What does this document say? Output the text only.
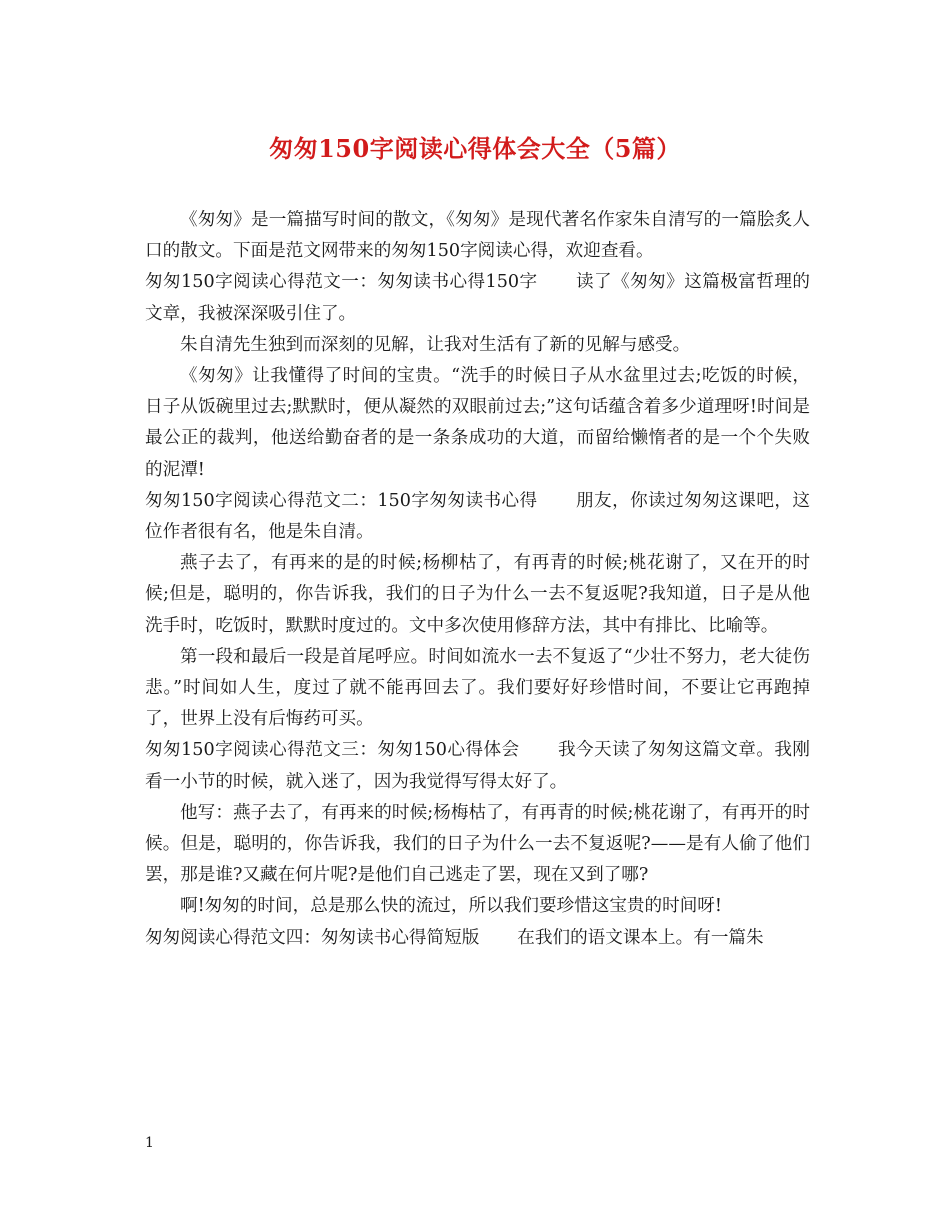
匆匆150字阅读心得体会大全（5篇）

《匆匆》是一篇描写时间的散文，《匆匆》是现代著名作家朱自清写的一篇脍炙人口的散文。下面是范文网带来的匆匆150字阅读心得，欢迎查看。

匆匆150字阅读心得范文一：匆匆读书心得150字 读了《匆匆》这篇极富哲理的文章，我被深深吸引住了。

朱自清先生独到而深刻的见解，让我对生活有了新的见解与感受。

《匆匆》让我懂得了时间的宝贵。“洗手的时候日子从水盆里过去;吃饭的时候，日子从饭碗里过去;默默时，便从凝然的双眼前过去;”这句话蕴含着多少道理呀!时间是最公正的裁判，他送给勤奋者的是一条条成功的大道，而留给懒惰者的是一个个失败的泥潭!

匆匆150字阅读心得范文二：150字匆匆读书心得 朋友，你读过匆匆这课吧，这位作者很有名，他是朱自清。

燕子去了，有再来的是的时候;杨柳枯了，有再青的时候;桃花谢了，又在开的时候;但是，聪明的，你告诉我，我们的日子为什么一去不复返呢?我知道，日子是从他洗手时，吃饭时，默默时度过的。文中多次使用修辞方法，其中有排比、比喻等。

第一段和最后一段是首尾呼应。时间如流水一去不复返了“少壮不努力，老大徒伤悲。”时间如人生，度过了就不能再回去了。我们要好好珍惜时间，不要让它再跑掉了，世界上没有后悔药可买。

匆匆150字阅读心得范文三：匆匆150心得体会 我今天读了匆匆这篇文章。我刚看一小节的时候，就入迷了，因为我觉得写得太好了。

他写：燕子去了，有再来的时候;杨梅枯了，有再青的时候;桃花谢了，有再开的时候。但是，聪明的，你告诉我，我们的日子为什么一去不复返呢?——是有人偷了他们罢，那是谁?又藏在何片呢?是他们自己逃走了罢，现在又到了哪?

啊!匆匆的时间，总是那么快的流过，所以我们要珍惜这宝贵的时间呀!

匆匆阅读心得范文四：匆匆读书心得简短版 在我们的语文课本上。有一篇朱

1
